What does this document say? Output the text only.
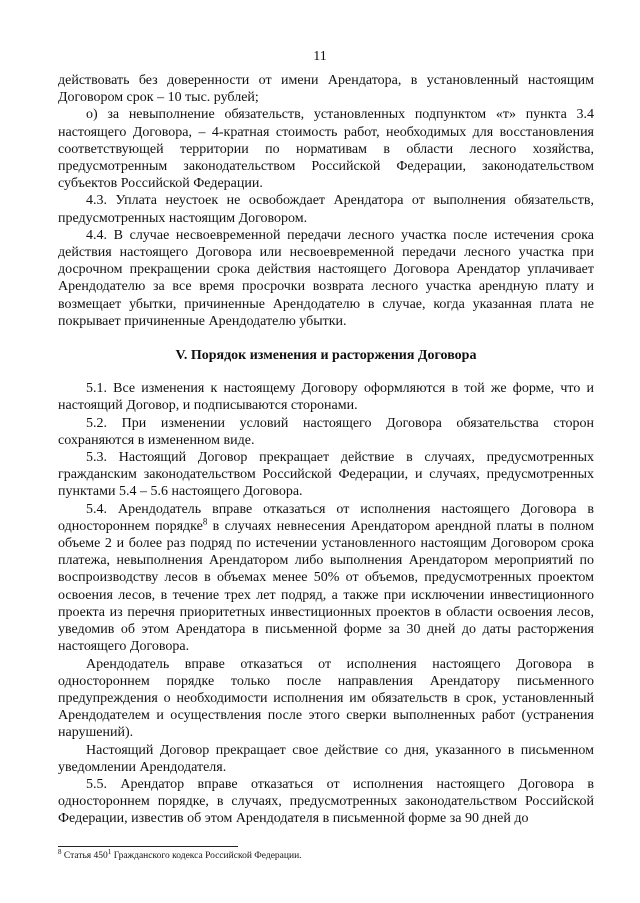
11

действовать без доверенности от имени Арендатора, в установленный настоящим Договором срок – 10 тыс. рублей;

о) за невыполнение обязательств, установленных подпунктом «т» пункта 3.4 настоящего Договора, – 4-кратная стоимость работ, необходимых для восстановления соответствующей территории по нормативам в области лесного хозяйства, предусмотренным законодательством Российской Федерации, законодательством субъектов Российской Федерации.

4.3. Уплата неустоек не освобождает Арендатора от выполнения обязательств, предусмотренных настоящим Договором.

4.4. В случае несвоевременной передачи лесного участка после истечения срока действия настоящего Договора или несвоевременной передачи лесного участка при досрочном прекращении срока действия настоящего Договора Арендатор уплачивает Арендодателю за все время просрочки возврата лесного участка арендную плату и возмещает убытки, причиненные Арендодателю в случае, когда указанная плата не покрывает причиненные Арендодателю убытки.

V. Порядок изменения и расторжения Договора

5.1. Все изменения к настоящему Договору оформляются в той же форме, что и настоящий Договор, и подписываются сторонами.

5.2. При изменении условий настоящего Договора обязательства сторон сохраняются в измененном виде.

5.3. Настоящий Договор прекращает действие в случаях, предусмотренных гражданским законодательством Российской Федерации, и случаях, предусмотренных пунктами 5.4 – 5.6 настоящего Договора.

5.4. Арендодатель вправе отказаться от исполнения настоящего Договора в одностороннем порядке$^8$ в случаях невнесения Арендатором арендной платы в полном объеме 2 и более раз подряд по истечении установленного настоящим Договором срока платежа, невыполнения Арендатором либо выполнения Арендатором мероприятий по воспроизводству лесов в объемах менее 50% от объемов, предусмотренных проектом освоения лесов, в течение трех лет подряд, а также при исключении инвестиционного проекта из перечня приоритетных инвестиционных проектов в области освоения лесов, уведомив об этом Арендатора в письменной форме за 30 дней до даты расторжения настоящего Договора.

Арендодатель вправе отказаться от исполнения настоящего Договора в одностороннем порядке только после направления Арендатору письменного предупреждения о необходимости исполнения им обязательств в срок, установленный Арендодателем и осуществления после этого сверки выполненных работ (устранения нарушений).

Настоящий Договор прекращает свое действие со дня, указанного в письменном уведомлении Арендодателя.

5.5. Арендатор вправе отказаться от исполнения настоящего Договора в одностороннем порядке, в случаях, предусмотренных законодательством Российской Федерации, известив об этом Арендодателя в письменной форме за 90 дней до

$^8$ Статья $450^1$ Гражданского кодекса Российской Федерации.
